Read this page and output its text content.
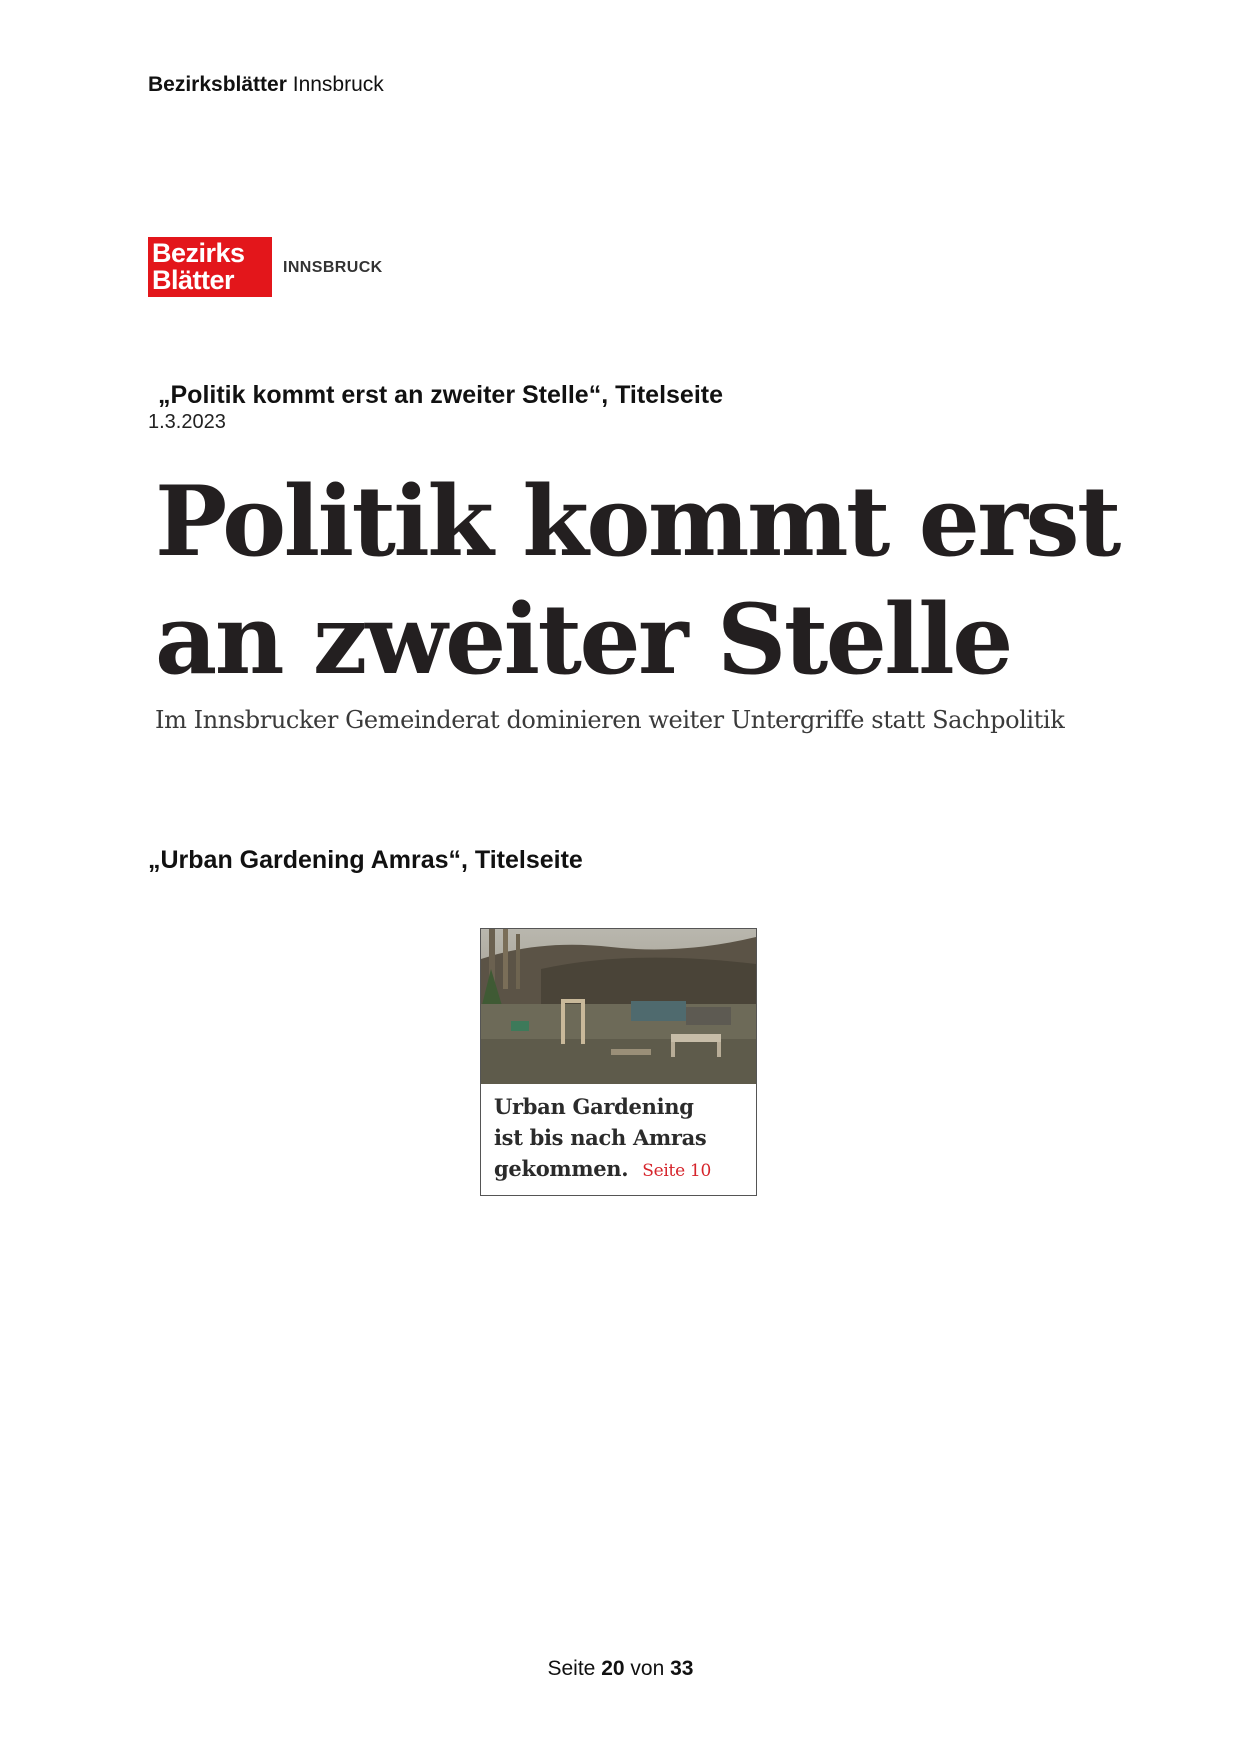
Bezirksblätter Innsbruck
Bezirks
Blätter	INNSBRUCK
„Politik kommt erst an zweiter Stelle“, Titelseite
1.3.2023
Politik kommt erst
an zweiter Stelle
Im Innsbrucker Gemeinderat dominieren weiter Untergriffe statt Sachpolitik
„Urban Gardening Amras“, Titelseite
Urban Gardening
ist bis nach Amras
gekommen. Seite 10
Seite 20 von 33
